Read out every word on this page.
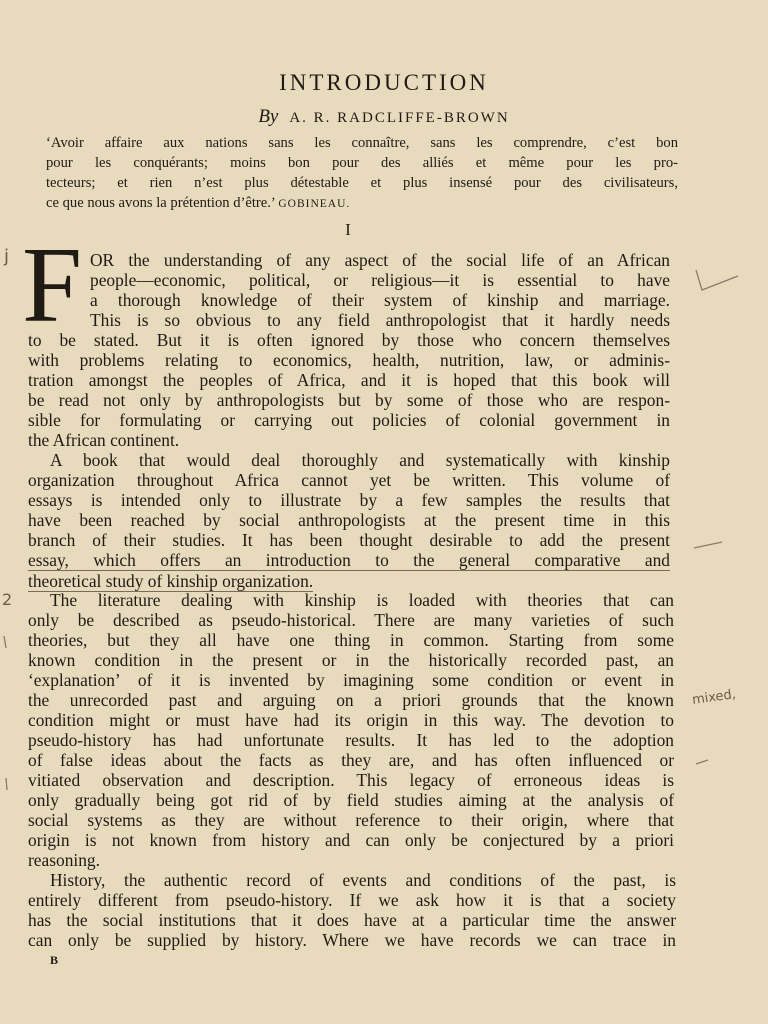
INTRODUCTION
By A. R. RADCLIFFE-BROWN
‘Avoir affaire aux nations sans les connaître, sans les comprendre, c’est bon
pour les conquérants; moins bon pour des alliés et même pour les pro-
tecteurs; et rien n’est plus détestable et plus insensé pour des civilisateurs,
ce que nous avons la prétention d’être.’ GOBINEAU.
I
F OR the understanding of any aspect of the social life of an African
people—economic, political, or religious—it is essential to have
a thorough knowledge of their system of kinship and marriage.
This is so obvious to any field anthropologist that it hardly needs
to be stated. But it is often ignored by those who concern themselves
with problems relating to economics, health, nutrition, law, or adminis-
tration amongst the peoples of Africa, and it is hoped that this book will
be read not only by anthropologists but by some of those who are respon-
sible for formulating or carrying out policies of colonial government in
the African continent.
A book that would deal thoroughly and systematically with kinship
organization throughout Africa cannot yet be written. This volume of
essays is intended only to illustrate by a few samples the results that
have been reached by social anthropologists at the present time in this
branch of their studies. It has been thought desirable to add the present
essay, which offers an introduction to the general comparative and
theoretical study of kinship organization.
The literature dealing with kinship is loaded with theories that can
only be described as pseudo-historical. There are many varieties of such
theories, but they all have one thing in common. Starting from some
known condition in the present or in the historically recorded past, an
‘explanation’ of it is invented by imagining some condition or event in
the unrecorded past and arguing on a priori grounds that the known
condition might or must have had its origin in this way. The devotion to
pseudo-history has had unfortunate results. It has led to the adoption
of false ideas about the facts as they are, and has often influenced or
vitiated observation and description. This legacy of erroneous ideas is
only gradually being got rid of by field studies aiming at the analysis of
social systems as they are without reference to their origin, where that
origin is not known from history and can only be conjectured by a priori
reasoning.
History, the authentic record of events and conditions of the past, is
entirely different from pseudo-history. If we ask how it is that a society
has the social institutions that it does have at a particular time the answer
can only be supplied by history. Where we have records we can trace in
B
j
2
mixed,
